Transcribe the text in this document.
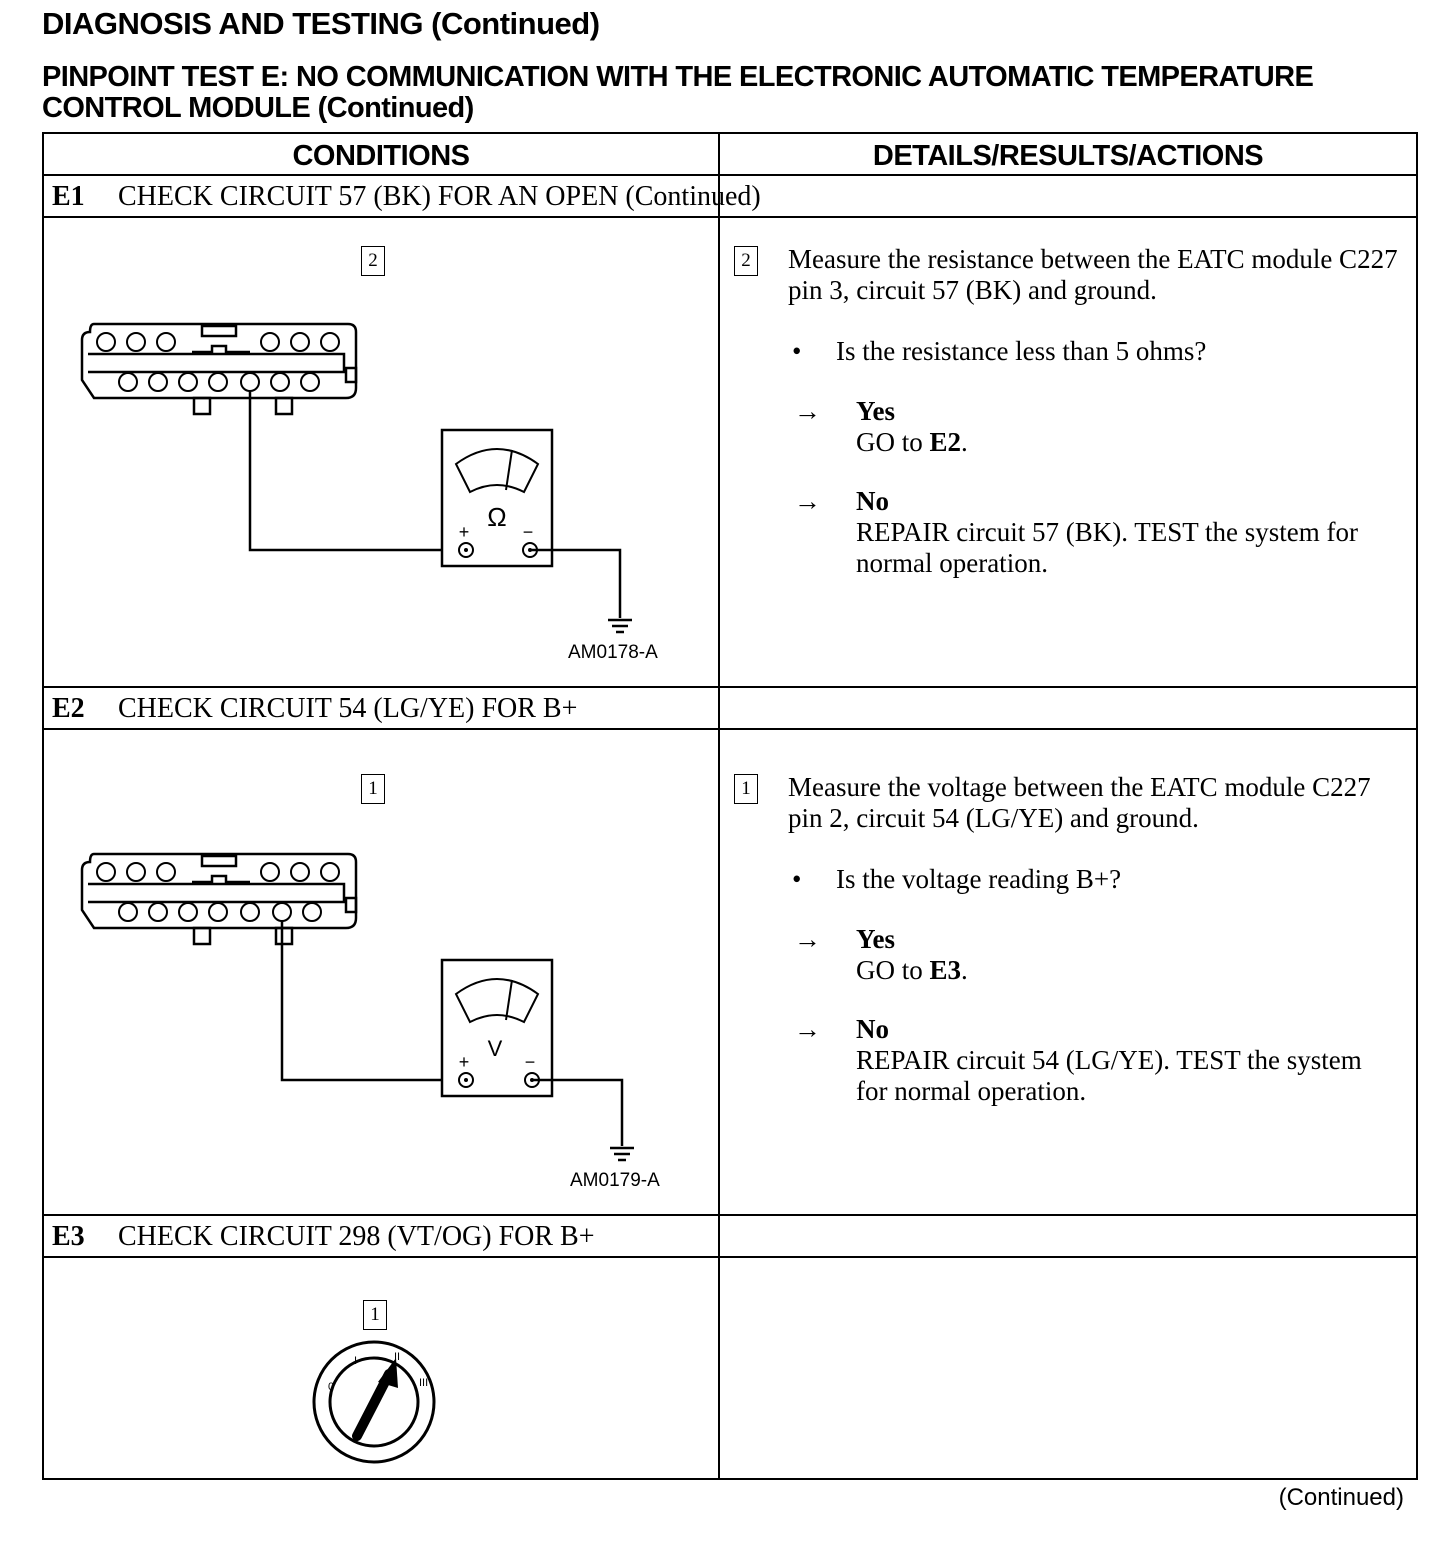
DIAGNOSIS AND TESTING (Continued)
PINPOINT TEST E: NO COMMUNICATION WITH THE ELECTRONIC AUTOMATIC TEMPERATURE CONTROL MODULE (Continued)
CONDITIONS	DETAILS/RESULTS/ACTIONS
E1 CHECK CIRCUIT 57 (BK) FOR AN OPEN (Continued)
2
Ω
+	−
AM0178-A
2 Measure the resistance between the EATC module C227 pin 3, circuit 57 (BK) and ground.
• Is the resistance less than 5 ohms?
→ Yes
GO to E2.
→ No
REPAIR circuit 57 (BK). TEST the system for normal operation.
E2 CHECK CIRCUIT 54 (LG/YE) FOR B+
1
V
+	−
AM0179-A
1 Measure the voltage between the EATC module C227 pin 2, circuit 54 (LG/YE) and ground.
• Is the voltage reading B+?
→ Yes
GO to E3.
→ No
REPAIR circuit 54 (LG/YE). TEST the system for normal operation.
E3 CHECK CIRCUIT 298 (VT/OG) FOR B+
1
0
I	II
III
(Continued)
